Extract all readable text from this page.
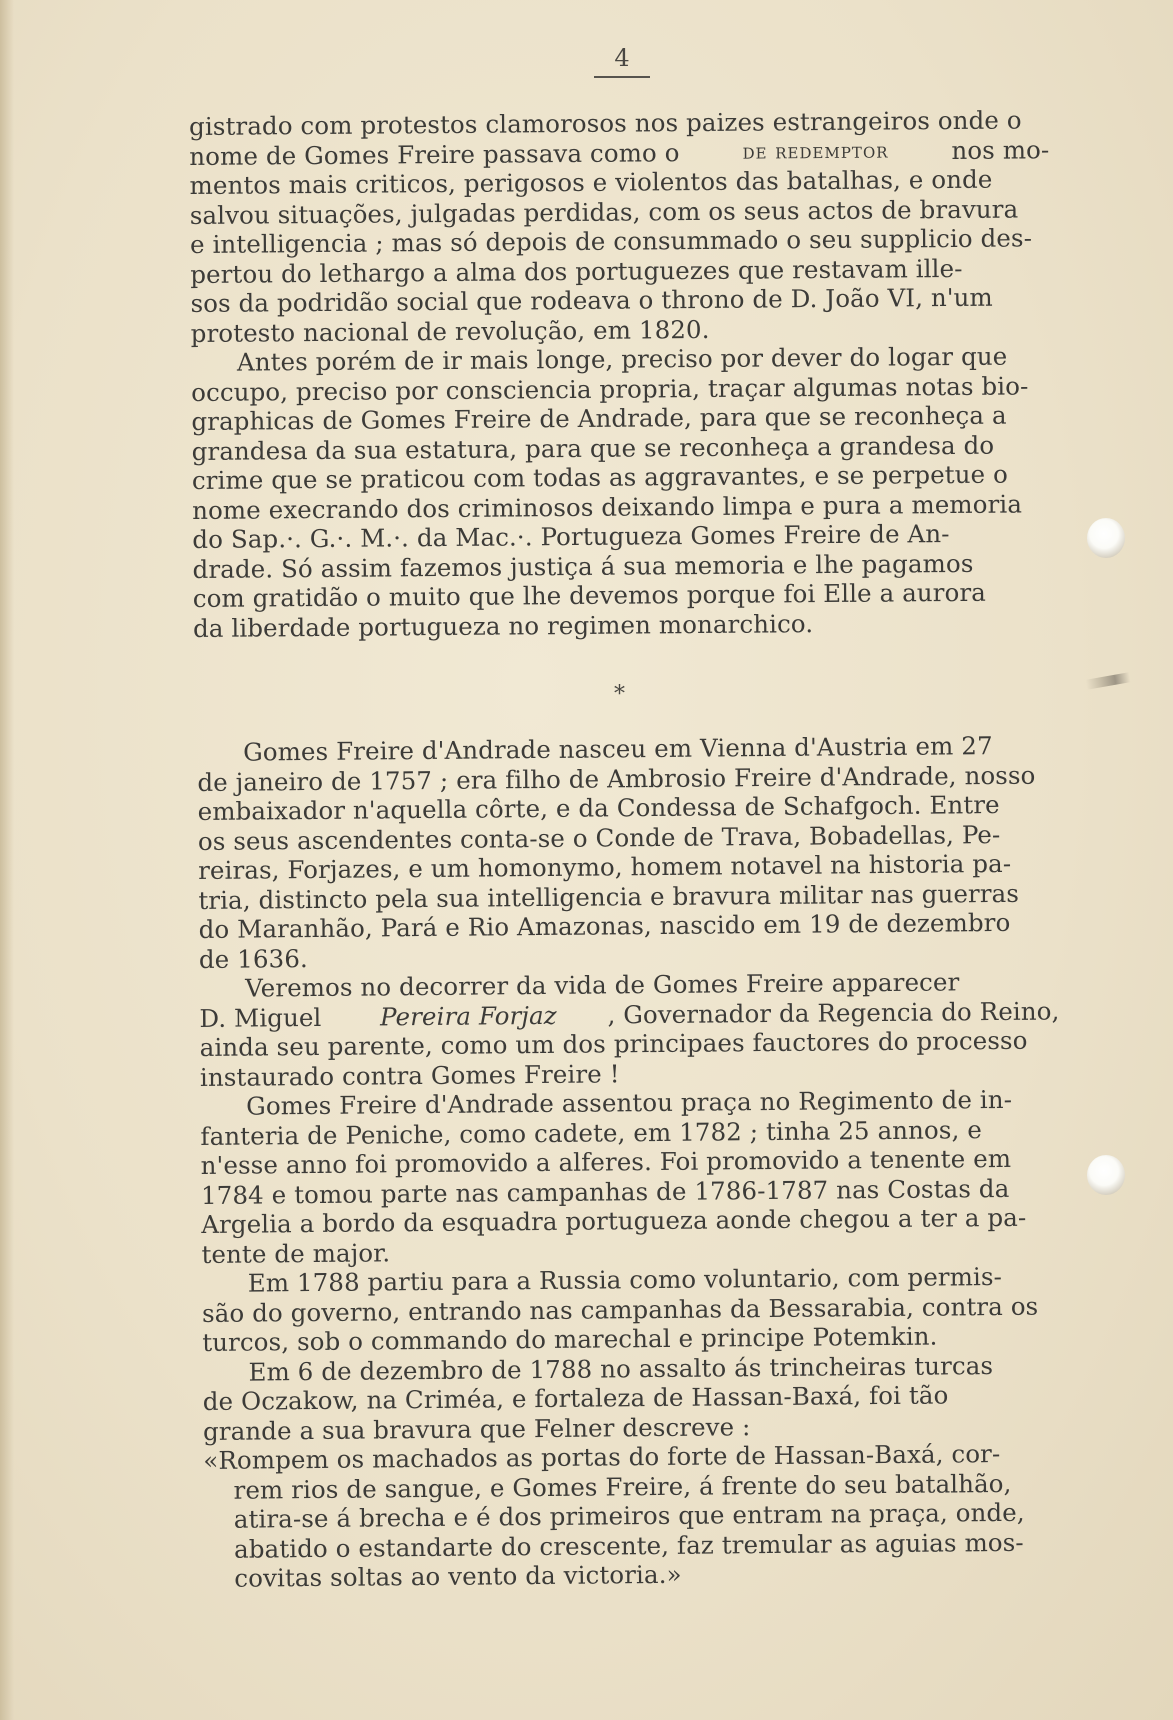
4
gistrado com protestos clamorosos nos paizes estrangeiros onde o
nome de Gomes Freire passava como o	de redemptor nos mo-
mentos mais criticos, perigosos e violentos das batalhas, e onde
salvou situações, julgadas perdidas, com os seus actos de bravura
e intelligencia ; mas só depois de consummado o seu supplicio des-
pertou do lethargo a alma dos portuguezes que restavam ille-
sos da podridão social que rodeava o throno de D. João VI, n'um
protesto nacional de revolução, em 1820.
Antes porém de ir mais longe, preciso por dever do logar que
occupo, preciso por consciencia propria, traçar algumas notas bio-
graphicas de Gomes Freire de Andrade, para que se reconheça a
grandesa da sua estatura, para que se reconheça a grandesa do
crime que se praticou com todas as aggravantes, e se perpetue o
nome execrando dos criminosos deixando limpa e pura a memoria
do Sap.·. G.·. M.·. da Mac.·. Portugueza Gomes Freire de An-
drade. Só assim fazemos justiça á sua memoria e lhe pagamos
com gratidão o muito que lhe devemos porque foi Elle a aurora
da liberdade portugueza no regimen monarchico.
*
Gomes Freire d'Andrade nasceu em Vienna d'Austria em 27
de janeiro de 1757 ; era filho de Ambrosio Freire d'Andrade, nosso
embaixador n'aquella côrte, e da Condessa de Schafgoch. Entre
os seus ascendentes conta-se o Conde de Trava, Bobadellas, Pe-
reiras, Forjazes, e um homonymo, homem notavel na historia pa-
tria, distincto pela sua intelligencia e bravura militar nas guerras
do Maranhão, Pará e Rio Amazonas, nascido em 19 de dezembro
de 1636.
Veremos no decorrer da vida de Gomes Freire apparecer
D. Miguel Pereira Forjaz , Governador da Regencia do Reino,
ainda seu parente, como um dos principaes fauctores do processo
instaurado contra Gomes Freire !
Gomes Freire d'Andrade assentou praça no Regimento de in-
fanteria de Peniche, como cadete, em 1782 ; tinha 25 annos, e
n'esse anno foi promovido a alferes. Foi promovido a tenente em
1784 e tomou parte nas campanhas de 1786-1787 nas Costas da
Argelia a bordo da esquadra portugueza aonde chegou a ter a pa-
tente de major.
Em 1788 partiu para a Russia como voluntario, com permis-
são do governo, entrando nas campanhas da Bessarabia, contra os
turcos, sob o commando do marechal e principe Potemkin.
Em 6 de dezembro de 1788 no assalto ás trincheiras turcas
de Oczakow, na Criméa, e fortaleza de Hassan-Baxá, foi tão
grande a sua bravura que Felner descreve :
«Rompem os machados as portas do forte de Hassan-Baxá, cor-
rem rios de sangue, e Gomes Freire, á frente do seu batalhão,
atira-se á brecha e é dos primeiros que entram na praça, onde,
abatido o estandarte do crescente, faz tremular as aguias mos-
covitas soltas ao vento da victoria.»
